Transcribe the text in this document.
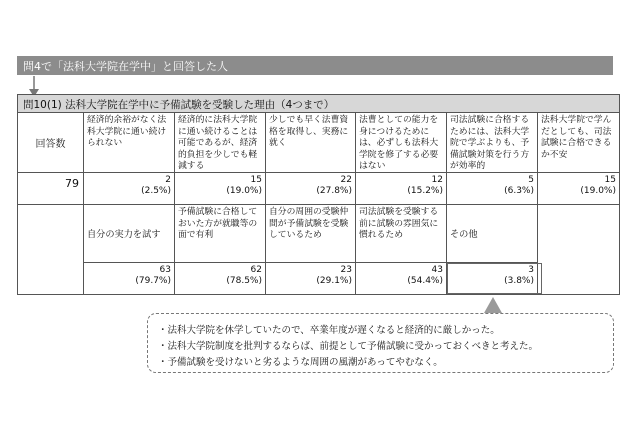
問4で「法科大学院在学中」と回答した人
問10(1) 法科大学院在学中に予備試験を受験した理由（4つまで）
回答数
79
経済的余裕がなく法科大学院に通い続けられない
経済的に法科大学院に通い続けることは可能であるが、経済的負担を少しでも軽減する
少しでも早く法曹資格を取得し、実務に就く
法曹としての能力を身につけるためには、必ずしも法科大学院を修了する必要はない
司法試験に合格するためには、法科大学院で学ぶよりも、予備試験対策を行う方が効率的
法科大学院で学んだとしても、司法試験に合格できるか不安
2
(2.5%)
15
(19.0%)
22
(27.8%)
12
(15.2%)
5
(6.3%)
15
(19.0%)
自分の実力を試す
予備試験に合格しておいた方が就職等の面で有利
自分の周囲の受験仲間が予備試験を受験しているため
司法試験を受験する前に試験の雰囲気に慣れるため	その他
63
(79.7%)
62
(78.5%)
23
(29.1%)
43
(54.4%)
3
(3.8%)
・法科大学院を休学していたので、卒業年度が遅くなると経済的に厳しかった。
・法科大学院制度を批判するならば、前提として予備試験に受かっておくべきと考えた。
・予備試験を受けないと劣るような周囲の風潮があってやむなく。
